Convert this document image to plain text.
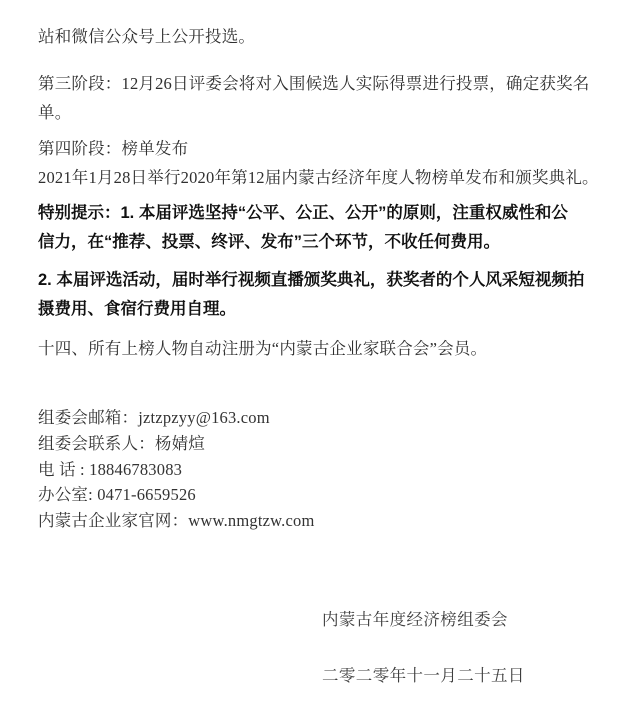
站和微信公众号上公开投选。
第三阶段：12月26日评委会将对入围候选人实际得票进行投票，确定获奖名
单。
第四阶段：榜单发布
2021年1月28日举行2020年第12届内蒙古经济年度人物榜单发布和颁奖典礼。
特别提示：1. 本届评选坚持“公平、公正、公开”的原则，注重权威性和公
信力，在“推荐、投票、终评、发布”三个环节，不收任何费用。
2. 本届评选活动，届时举行视频直播颁奖典礼，获奖者的个人风采短视频拍
摄费用、食宿行费用自理。
十四、所有上榜人物自动注册为“内蒙古企业家联合会”会员。
组委会邮箱：jztzpzyy@163.com
组委会联系人：杨婧煊
电 话 : 18846783083
办公室: 0471-6659526
内蒙古企业家官网：www.nmgtzw.com
内蒙古年度经济榜组委会
二零二零年十一月二十五日
